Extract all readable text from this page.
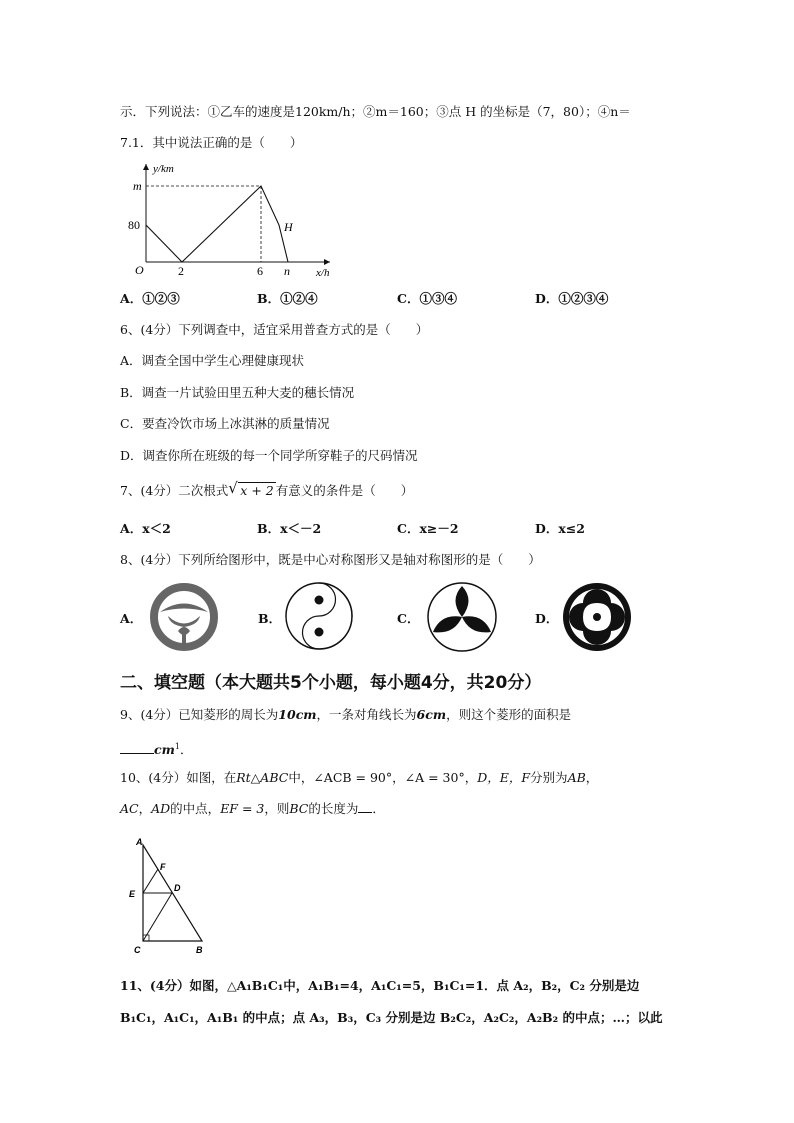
示．下列说法：①乙车的速度是120km/h；②m＝160；③点 H 的坐标是（7，80）；④n＝
7.1．其中说法正确的是（　　）
y/km
m
80
O	2	6 n x/h
H
A．①②③	B．①②④	C．①③④	D．①②③④
6、(4分）下列调查中，适宜采用普查方式的是（　　）
A．调查全国中学生心理健康现状
B．调查一片试验田里五种大麦的穗长情况
C．要查冷饮市场上冰淇淋的质量情况
D．调查你所在班级的每一个同学所穿鞋子的尺码情况
7、(4分）二次根式 √ x + 2 有意义的条件是（　　）
A．x＜2	B．x＜－2	C．x≥－2	D．x≤2
8、(4分）下列所给图形中，既是中心对称图形又是轴对称图形的是（　　）
A．	B．	C．	D．
二、填空题（本大题共5个小题，每小题4分，共20分）
9、(4分）已知菱形的周长为10cm，一条对角线长为6cm，则这个菱形的面积是
$cm^1$．
10、(4分）如图，在Rt△ABC中，∠ACB = 90°，∠A = 30°，D，E，F分别为AB，
AC，AD的中点，EF = 3，则BC的长度为 ．
A
F
D
E
C	B
11、(4分）如图，△A₁B₁C₁中，A₁B₁=4，A₁C₁=5，B₁C₁=1．点 A₂，B₂，C₂ 分别是边
B₁C₁，A₁C₁，A₁B₁ 的中点；点 A₃，B₃，C₃ 分别是边 B₂C₂，A₂C₂，A₂B₂ 的中点；…；以此
